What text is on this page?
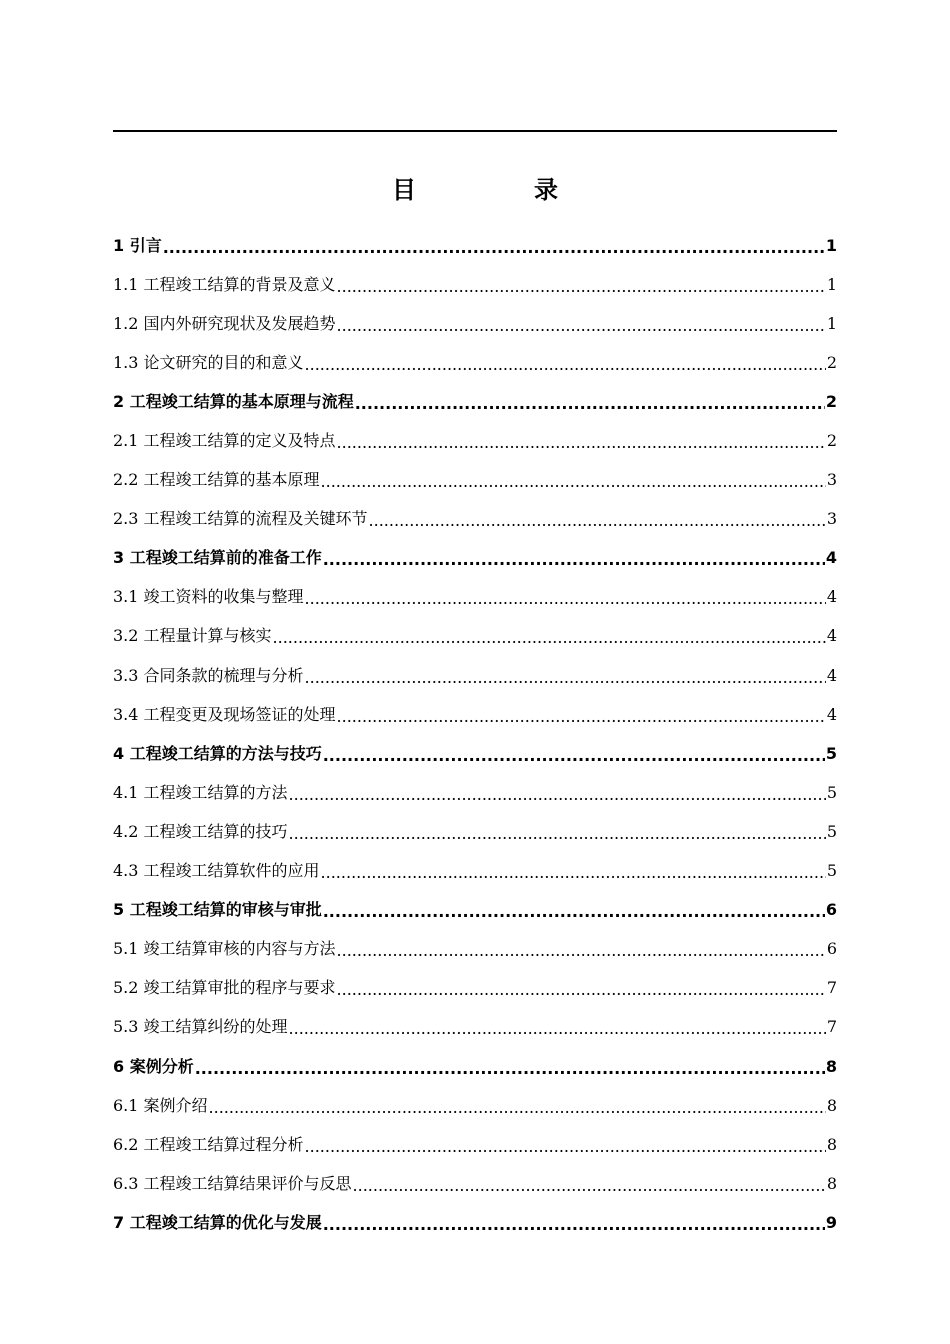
目	录
1 引言 .....	1
1.1 工程竣工结算的背景及意义 .....	1
1.2 国内外研究现状及发展趋势 .....	1
1.3 论文研究的目的和意义 .....	2
2 工程竣工结算的基本原理与流程 .....	2
2.1 工程竣工结算的定义及特点 .....	2
2.2 工程竣工结算的基本原理 .....	3
2.3 工程竣工结算的流程及关键环节 .....	3
3 工程竣工结算前的准备工作 .....	4
3.1 竣工资料的收集与整理 .....	4
3.2 工程量计算与核实 .....	4
3.3 合同条款的梳理与分析 .....	4
3.4 工程变更及现场签证的处理 .....	4
4 工程竣工结算的方法与技巧 .....	5
4.1 工程竣工结算的方法 .....	5
4.2 工程竣工结算的技巧 .....	5
4.3 工程竣工结算软件的应用 .....	5
5 工程竣工结算的审核与审批 .....	6
5.1 竣工结算审核的内容与方法 .....	6
5.2 竣工结算审批的程序与要求 .....	7
5.3 竣工结算纠纷的处理 .....	7
6 案例分析 .....	8
6.1 案例介绍 .....	8
6.2 工程竣工结算过程分析 .....	8
6.3 工程竣工结算结果评价与反思 .....	8
7 工程竣工结算的优化与发展 .....	9
